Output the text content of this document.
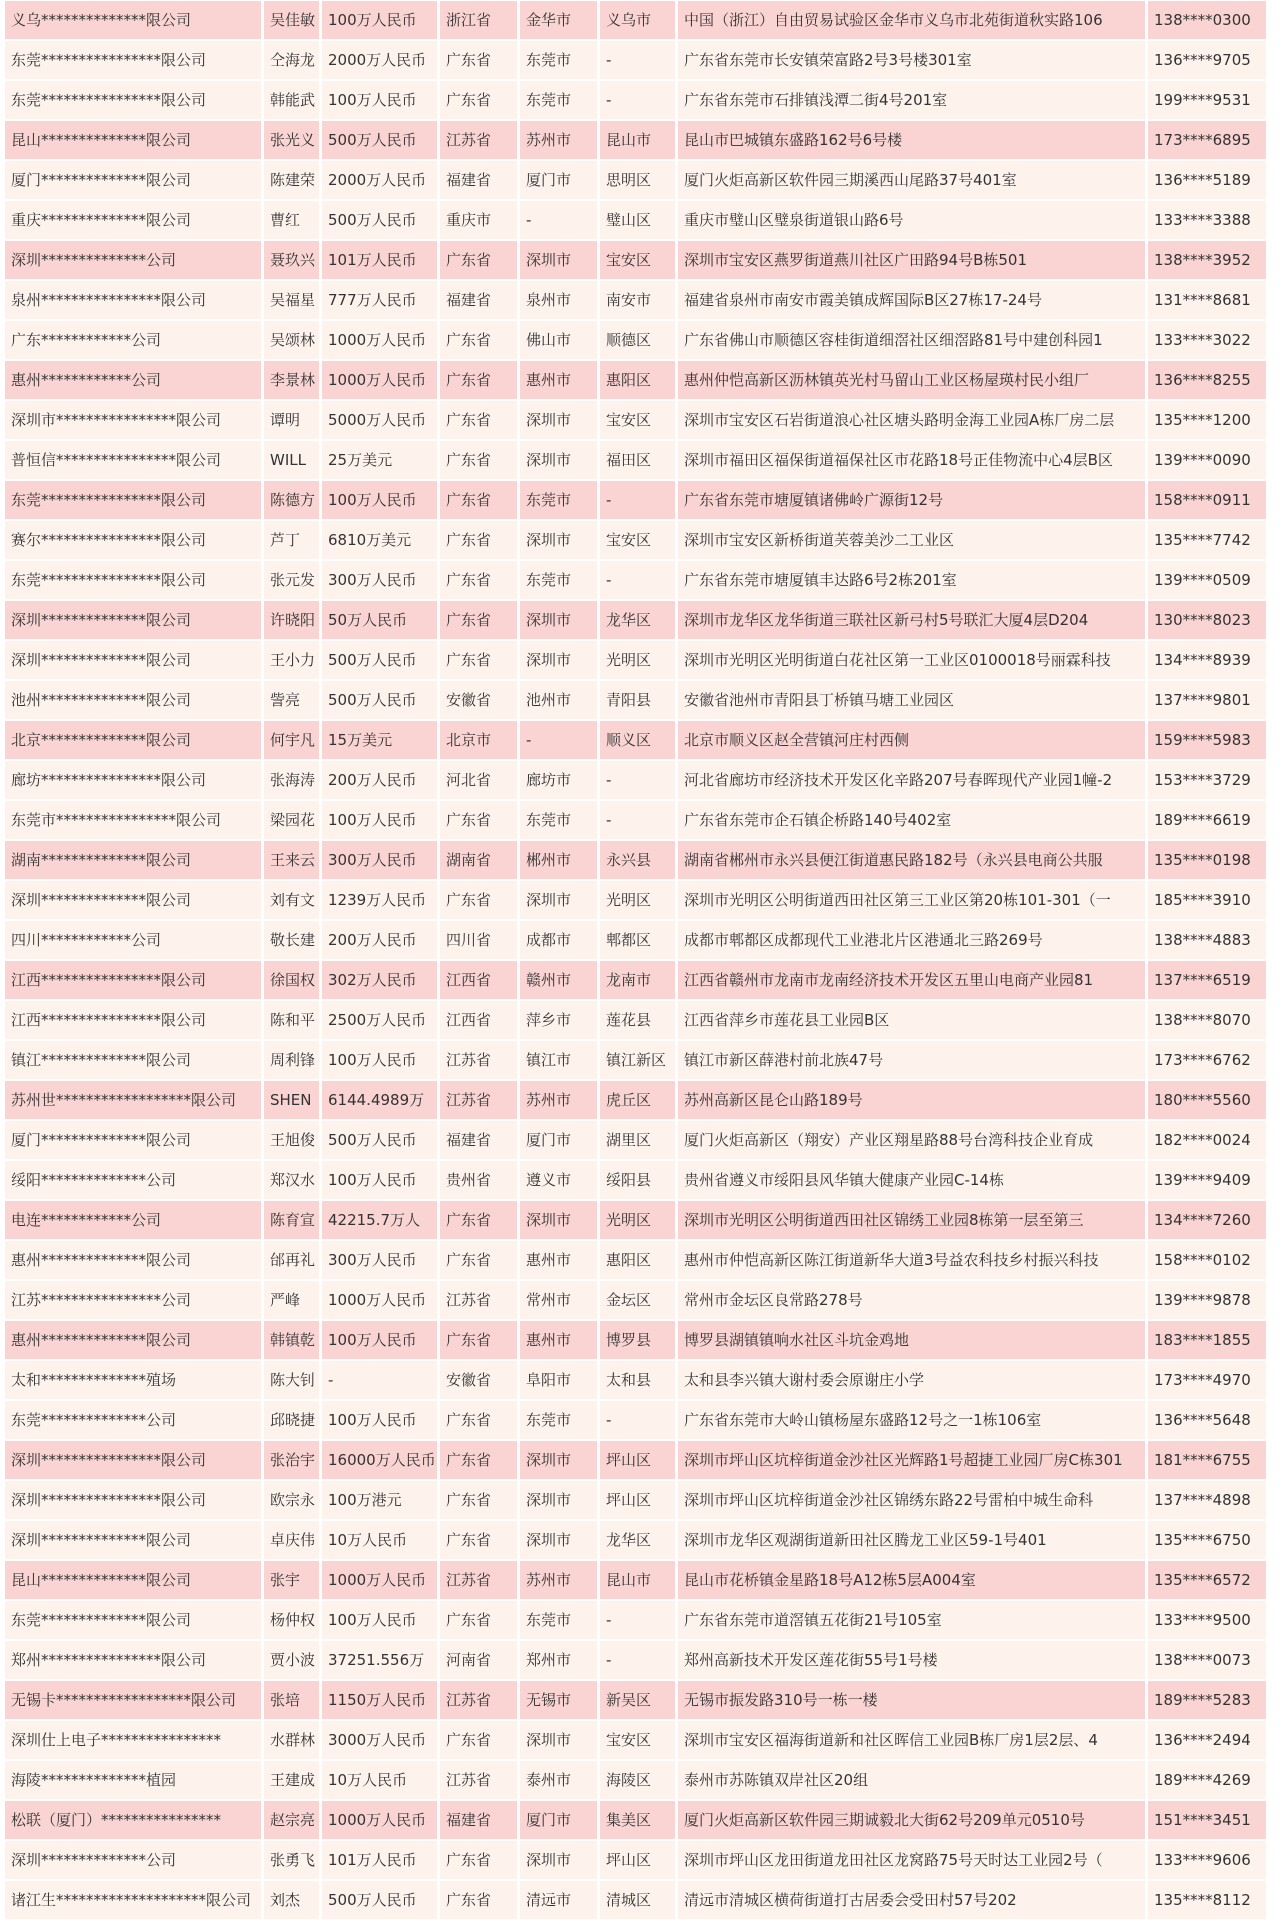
义乌**************限公司	吴佳敏 100万人民币	浙江省	金华市	义乌市	中国（浙江）自由贸易试验区金华市义乌市北苑街道秋实路106	138****0300
东莞****************限公司	仝海龙 2000万人民币	广东省	东莞市	-	广东省东莞市长安镇荣富路2号3号楼301室	136****9705
东莞****************限公司	韩能武 100万人民币	广东省	东莞市	-	广东省东莞市石排镇浅潭二街4号201室	199****9531
昆山**************限公司	张光义 500万人民币	江苏省	苏州市	昆山市	昆山市巴城镇东盛路162号6号楼	173****6895
厦门**************限公司	陈建荣 2000万人民币	福建省	厦门市	思明区	厦门火炬高新区软件园三期溪西山尾路37号401室	136****5189
重庆**************限公司	曹红	500万人民币	重庆市	-	璧山区	重庆市璧山区璧泉街道银山路6号	133****3388
深圳**************公司	聂玖兴 101万人民币	广东省	深圳市	宝安区	深圳市宝安区燕罗街道燕川社区广田路94号B栋501	138****3952
泉州****************限公司	吴福星 777万人民币	福建省	泉州市	南安市	福建省泉州市南安市霞美镇成辉国际B区27栋17-24号	131****8681
广东************公司	吴颂林 1000万人民币	广东省	佛山市	顺德区	广东省佛山市顺德区容桂街道细滘社区细滘路81号中建创科园1	133****3022
惠州************公司	李景林 1000万人民币	广东省	惠州市	惠阳区	惠州仲恺高新区沥林镇英光村马留山工业区杨屋瑛村民小组厂	136****8255
深圳市****************限公司	谭明	5000万人民币	广东省	深圳市	宝安区	深圳市宝安区石岩街道浪心社区塘头路明金海工业园A栋厂房二层	135****1200
普恒信****************限公司	WILL	25万美元	广东省	深圳市	福田区	深圳市福田区福保街道福保社区市花路18号正佳物流中心4层B区	139****0090
东莞****************限公司	陈德方 100万人民币	广东省	东莞市	-	广东省东莞市塘厦镇诸佛岭广源街12号	158****0911
赛尔****************限公司	芦丁	6810万美元	广东省	深圳市	宝安区	深圳市宝安区新桥街道芙蓉美沙二工业区	135****7742
东莞****************限公司	张元发 300万人民币	广东省	东莞市	-	广东省东莞市塘厦镇丰达路6号2栋201室	139****0509
深圳**************限公司	许晓阳 50万人民币	广东省	深圳市	龙华区	深圳市龙华区龙华街道三联社区新弓村5号联汇大厦4层D204	130****8023
深圳**************限公司	王小力 500万人民币	广东省	深圳市	光明区	深圳市光明区光明街道白花社区第一工业区0100018号丽霖科技	134****8939
池州**************限公司	訾亮	500万人民币	安徽省	池州市	青阳县	安徽省池州市青阳县丁桥镇马塘工业园区	137****9801
北京**************限公司	何宇凡 15万美元	北京市	-	顺义区	北京市顺义区赵全营镇河庄村西侧	159****5983
廊坊****************限公司	张海涛 200万人民币	河北省	廊坊市	-	河北省廊坊市经济技术开发区化辛路207号春晖现代产业园1幢-2	153****3729
东莞市****************限公司	梁园花 100万人民币	广东省	东莞市	-	广东省东莞市企石镇企桥路140号402室	189****6619
湖南**************限公司	王来云 300万人民币	湖南省	郴州市	永兴县	湖南省郴州市永兴县便江街道惠民路182号（永兴县电商公共服	135****0198
深圳**************限公司	刘有文 1239万人民币	广东省	深圳市	光明区	深圳市光明区公明街道西田社区第三工业区第20栋101-301（一	185****3910
四川************公司	敬长建 200万人民币	四川省	成都市	郫都区	成都市郫都区成都现代工业港北片区港通北三路269号	138****4883
江西****************限公司	徐国权 302万人民币	江西省	赣州市	龙南市	江西省赣州市龙南市龙南经济技术开发区五里山电商产业园81	137****6519
江西****************限公司	陈和平 2500万人民币	江西省	萍乡市	莲花县	江西省萍乡市莲花县工业园B区	138****8070
镇江**************限公司	周利锋 100万人民币	江苏省	镇江市	镇江新区	镇江市新区薛港村前北族47号	173****6762
苏州世******************限公司	SHEN	6144.4989万	江苏省	苏州市	虎丘区	苏州高新区昆仑山路189号	180****5560
厦门**************限公司	王旭俊 500万人民币	福建省	厦门市	湖里区	厦门火炬高新区（翔安）产业区翔星路88号台湾科技企业育成	182****0024
绥阳**************公司	郑汉水 100万人民币	贵州省	遵义市	绥阳县	贵州省遵义市绥阳县风华镇大健康产业园C-14栋	139****9409
电连************公司	陈育宣 42215.7万人	广东省	深圳市	光明区	深圳市光明区公明街道西田社区锦绣工业园8栋第一层至第三	134****7260
惠州**************限公司	邰再礼 300万人民币	广东省	惠州市	惠阳区	惠州市仲恺高新区陈江街道新华大道3号益农科技乡村振兴科技	158****0102
江苏****************公司	严峰	1000万人民币	江苏省	常州市	金坛区	常州市金坛区良常路278号	139****9878
惠州**************限公司	韩镇乾 100万人民币	广东省	惠州市	博罗县	博罗县湖镇镇响水社区斗坑金鸡地	183****1855
太和**************殖场	陈大钊 -	安徽省	阜阳市	太和县	太和县李兴镇大谢村委会原谢庄小学	173****4970
东莞**************公司	邱晓捷 100万人民币	广东省	东莞市	-	广东省东莞市大岭山镇杨屋东盛路12号之一1栋106室	136****5648
深圳****************限公司	张治宇 16000万人民币 广东省	深圳市	坪山区	深圳市坪山区坑梓街道金沙社区光辉路1号超捷工业园厂房C栋301	181****6755
深圳****************限公司	欧宗永 100万港元	广东省	深圳市	坪山区	深圳市坪山区坑梓街道金沙社区锦绣东路22号雷柏中城生命科	137****4898
深圳**************限公司	卓庆伟 10万人民币	广东省	深圳市	龙华区	深圳市龙华区观湖街道新田社区腾龙工业区59-1号401	135****6750
昆山**************限公司	张宇	1000万人民币	江苏省	苏州市	昆山市	昆山市花桥镇金星路18号A12栋5层A004室	135****6572
东莞**************限公司	杨仲权 100万人民币	广东省	东莞市	-	广东省东莞市道滘镇五花街21号105室	133****9500
郑州****************限公司	贾小波 37251.556万	河南省	郑州市	-	郑州高新技术开发区莲花街55号1号楼	138****0073
无锡卡******************限公司	张培	1150万人民币	江苏省	无锡市	新吴区	无锡市振发路310号一栋一楼	189****5283
深圳仕上电子****************	水群林 3000万人民币	广东省	深圳市	宝安区	深圳市宝安区福海街道新和社区晖信工业园B栋厂房1层2层、4	136****2494
海陵**************植园	王建成 10万人民币	江苏省	泰州市	海陵区	泰州市苏陈镇双岸社区20组	189****4269
松联（厦门）****************	赵宗亮 1000万人民币	福建省	厦门市	集美区	厦门火炬高新区软件园三期诚毅北大街62号209单元0510号	151****3451
深圳**************公司	张勇飞 101万人民币	广东省	深圳市	坪山区	深圳市坪山区龙田街道龙田社区龙窝路75号天时达工业园2号（	133****9606
诸江生********************限公司	刘杰	500万人民币	广东省	清远市	清城区	清远市清城区横荷街道打古居委会受田村57号202	135****8112
